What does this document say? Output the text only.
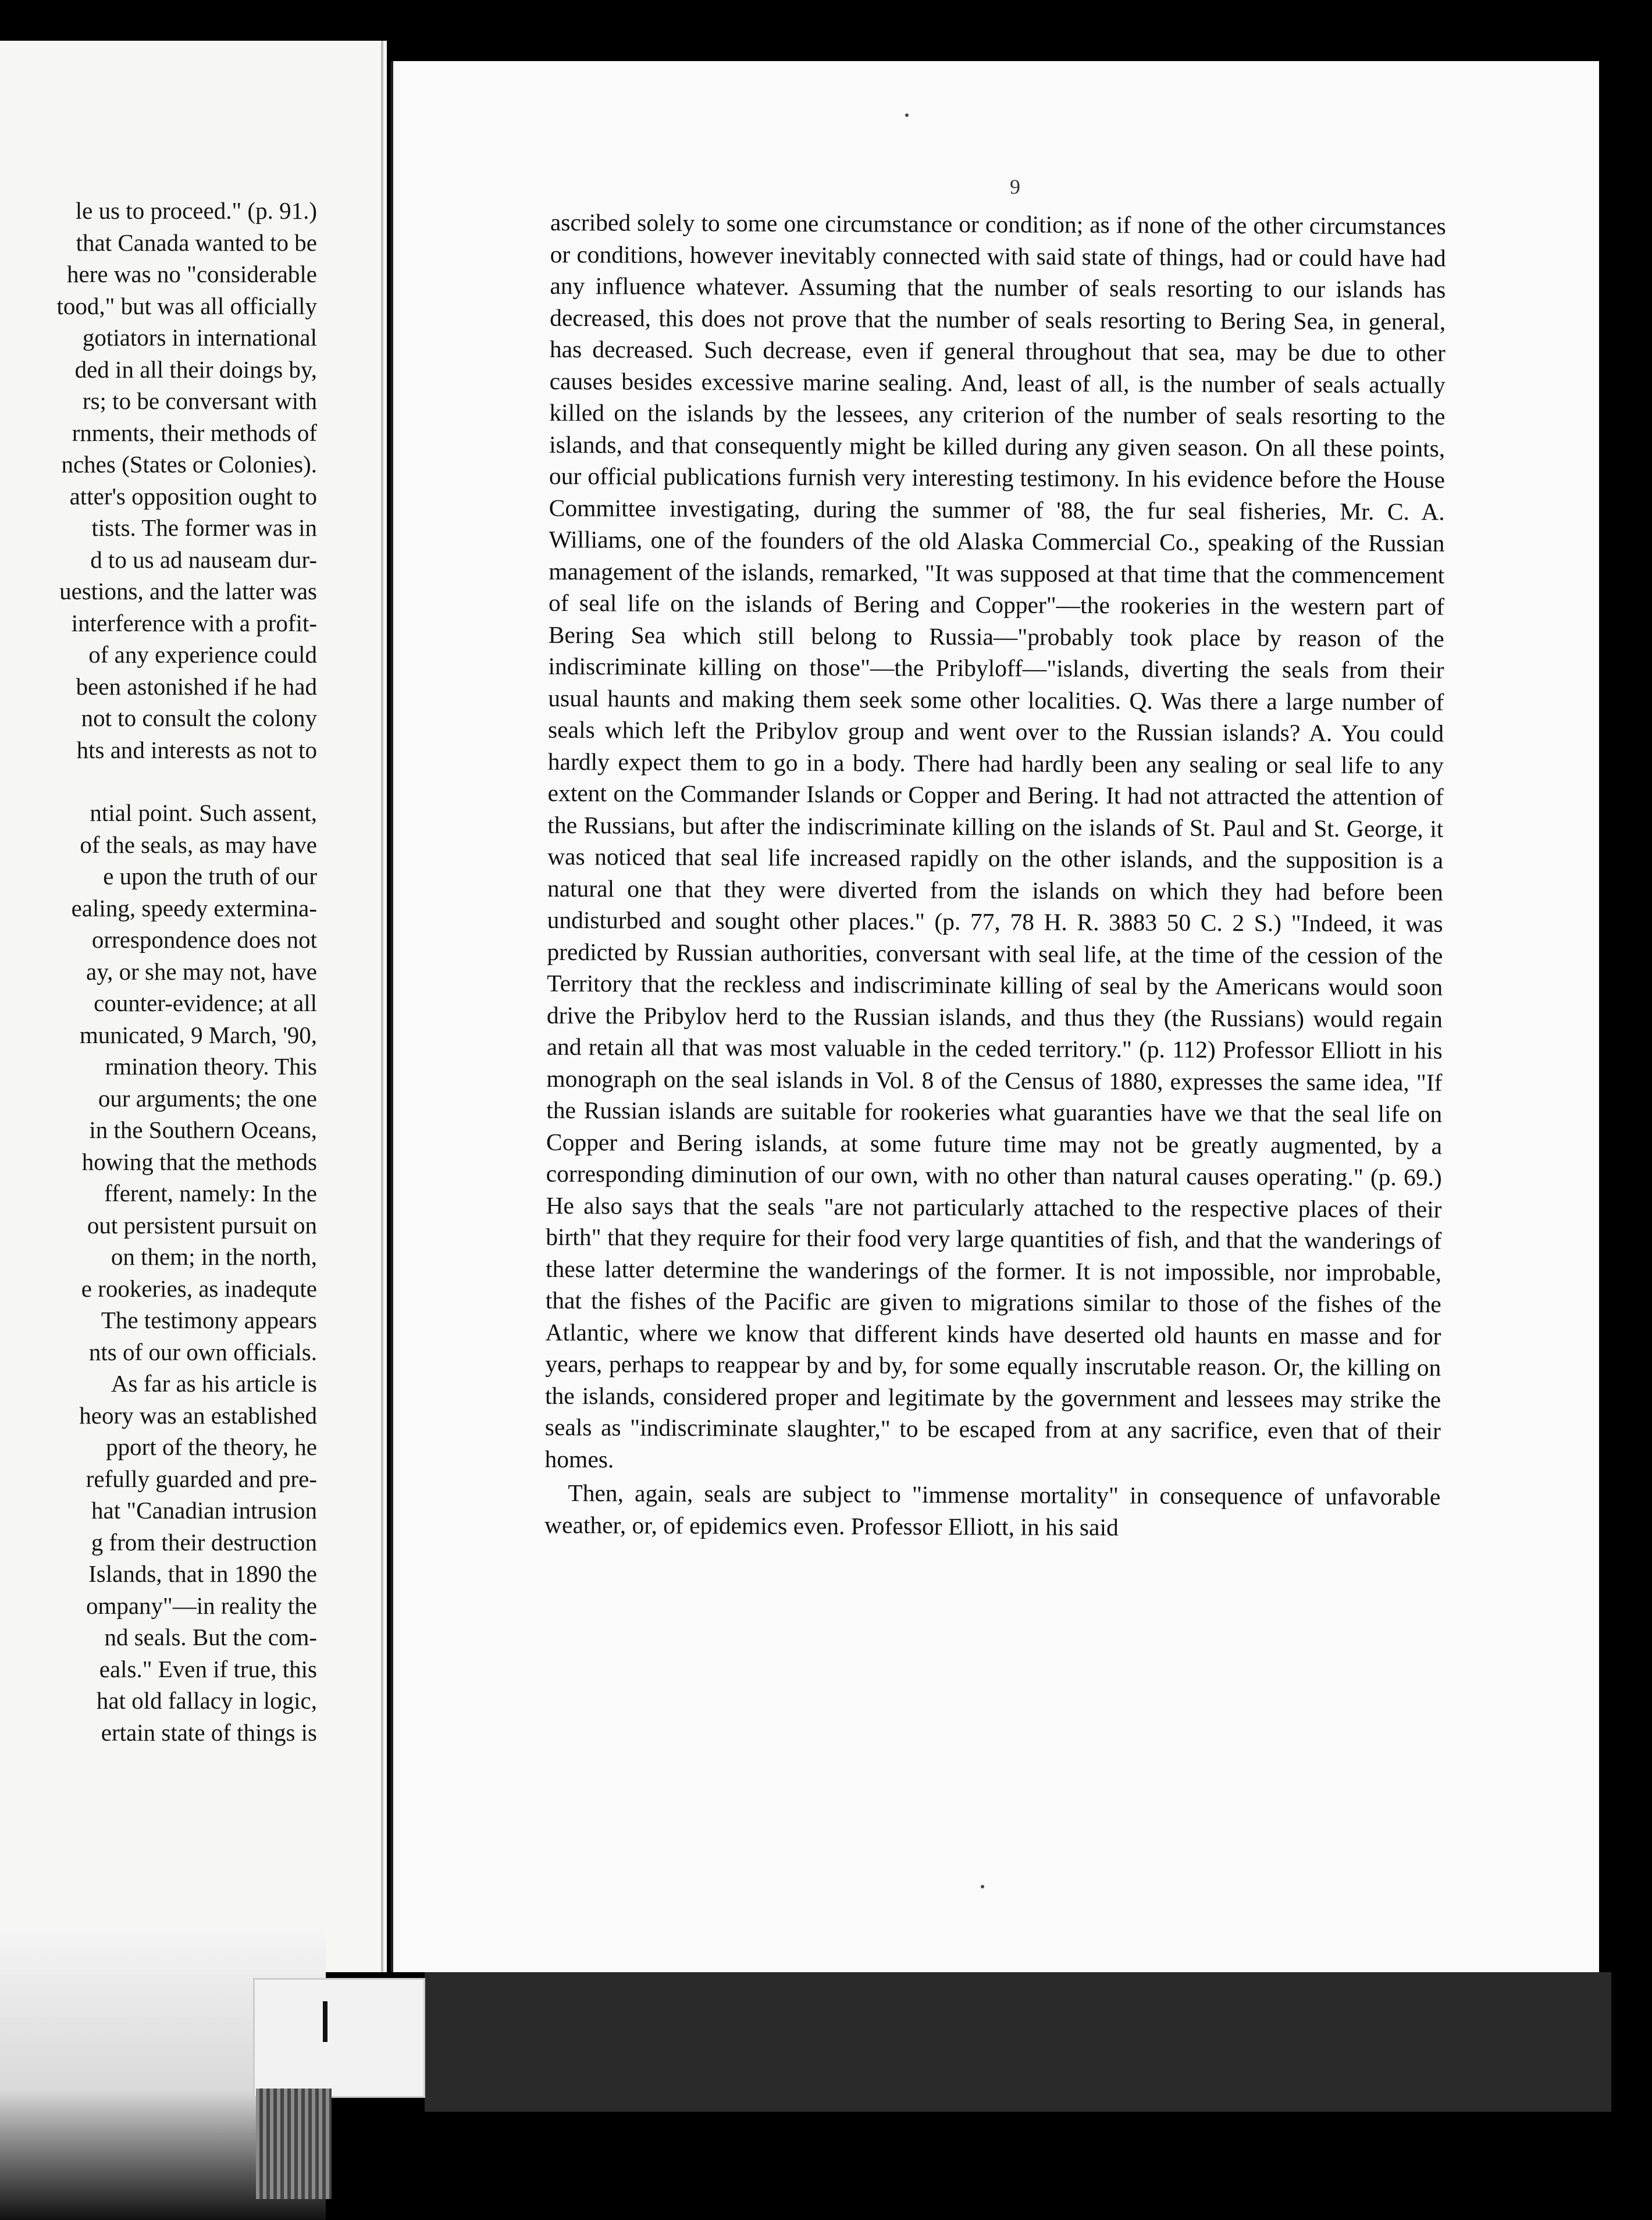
le us to proceed." (p. 91.)
that Canada wanted to be
here was no "considerable
tood," but was all officially
gotiators in international
ded in all their doings by,
rs; to be conversant with
rnments, their methods of
nches (States or Colonies).
atter's opposition ought to
tists. The former was in
d to us ad nauseam dur-
uestions, and the latter was
interference with a profit-
of any experience could
been astonished if he had
not to consult the colony
hts and interests as not to
ntial point. Such assent,
of the seals, as may have
e upon the truth of our
ealing, speedy extermina-
orrespondence does not
ay, or she may not, have
counter-evidence; at all
municated, 9 March, '90,
rmination theory. This
our arguments; the one
in the Southern Oceans,
howing that the methods
fferent, namely: In the
out persistent pursuit on
on them; in the north,
e rookeries, as inadequte
The testimony appears
nts of our own officials.
As far as his article is
heory was an established
pport of the theory, he
refully guarded and pre-
hat "Canadian intrusion
g from their destruction
Islands, that in 1890 the
ompany"—in reality the
nd seals. But the com-
eals." Even if true, this
hat old fallacy in logic,
ertain state of things is
9

ascribed solely to some one circumstance or condition; as if none of the other circumstances or conditions, however inevitably connected with said state of things, had or could have had any influence whatever. Assuming that the number of seals resorting to our islands has decreased, this does not prove that the number of seals resorting to Bering Sea, in general, has decreased. Such decrease, even if general throughout that sea, may be due to other causes besides excessive marine sealing. And, least of all, is the number of seals actually killed on the islands by the lessees, any criterion of the number of seals resorting to the islands, and that consequently might be killed during any given season. On all these points, our official publications furnish very interesting testimony. In his evidence before the House Committee investigating, during the summer of '88, the fur seal fisheries, Mr. C. A. Williams, one of the founders of the old Alaska Commercial Co., speaking of the Russian management of the islands, remarked, "It was supposed at that time that the commencement of seal life on the islands of Bering and Copper"—the rookeries in the western part of Bering Sea which still belong to Russia—"probably took place by reason of the indiscriminate killing on those"—the Pribyloff—"islands, diverting the seals from their usual haunts and making them seek some other localities. Q. Was there a large number of seals which left the Pribylov group and went over to the Russian islands? A. You could hardly expect them to go in a body. There had hardly been any sealing or seal life to any extent on the Commander Islands or Copper and Bering. It had not attracted the attention of the Russians, but after the indiscriminate killing on the islands of St. Paul and St. George, it was noticed that seal life increased rapidly on the other islands, and the supposition is a natural one that they were diverted from the islands on which they had before been undisturbed and sought other places." (p. 77, 78 H. R. 3883 50 C. 2 S.) "Indeed, it was predicted by Russian authorities, conversant with seal life, at the time of the cession of the Territory that the reckless and indiscriminate killing of seal by the Americans would soon drive the Pribylov herd to the Russian islands, and thus they (the Russians) would regain and retain all that was most valuable in the ceded territory." (p. 112) Professor Elliott in his monograph on the seal islands in Vol. 8 of the Census of 1880, expresses the same idea, "If the Russian islands are suitable for rookeries what guaranties have we that the seal life on Copper and Bering islands, at some future time may not be greatly augmented, by a corresponding diminution of our own, with no other than natural causes operating." (p. 69.) He also says that the seals "are not particularly attached to the respective places of their birth" that they require for their food very large quantities of fish, and that the wanderings of these latter determine the wanderings of the former. It is not impossible, nor improbable, that the fishes of the Pacific are given to migrations similar to those of the fishes of the Atlantic, where we know that different kinds have deserted old haunts en masse and for years, perhaps to reappear by and by, for some equally inscrutable reason. Or, the killing on the islands, considered proper and legitimate by the government and lessees may strike the seals as "indiscriminate slaughter," to be escaped from at any sacrifice, even that of their homes.

Then, again, seals are subject to "immense mortality" in consequence of unfavorable weather, or, of epidemics even. Professor Elliott, in his said
